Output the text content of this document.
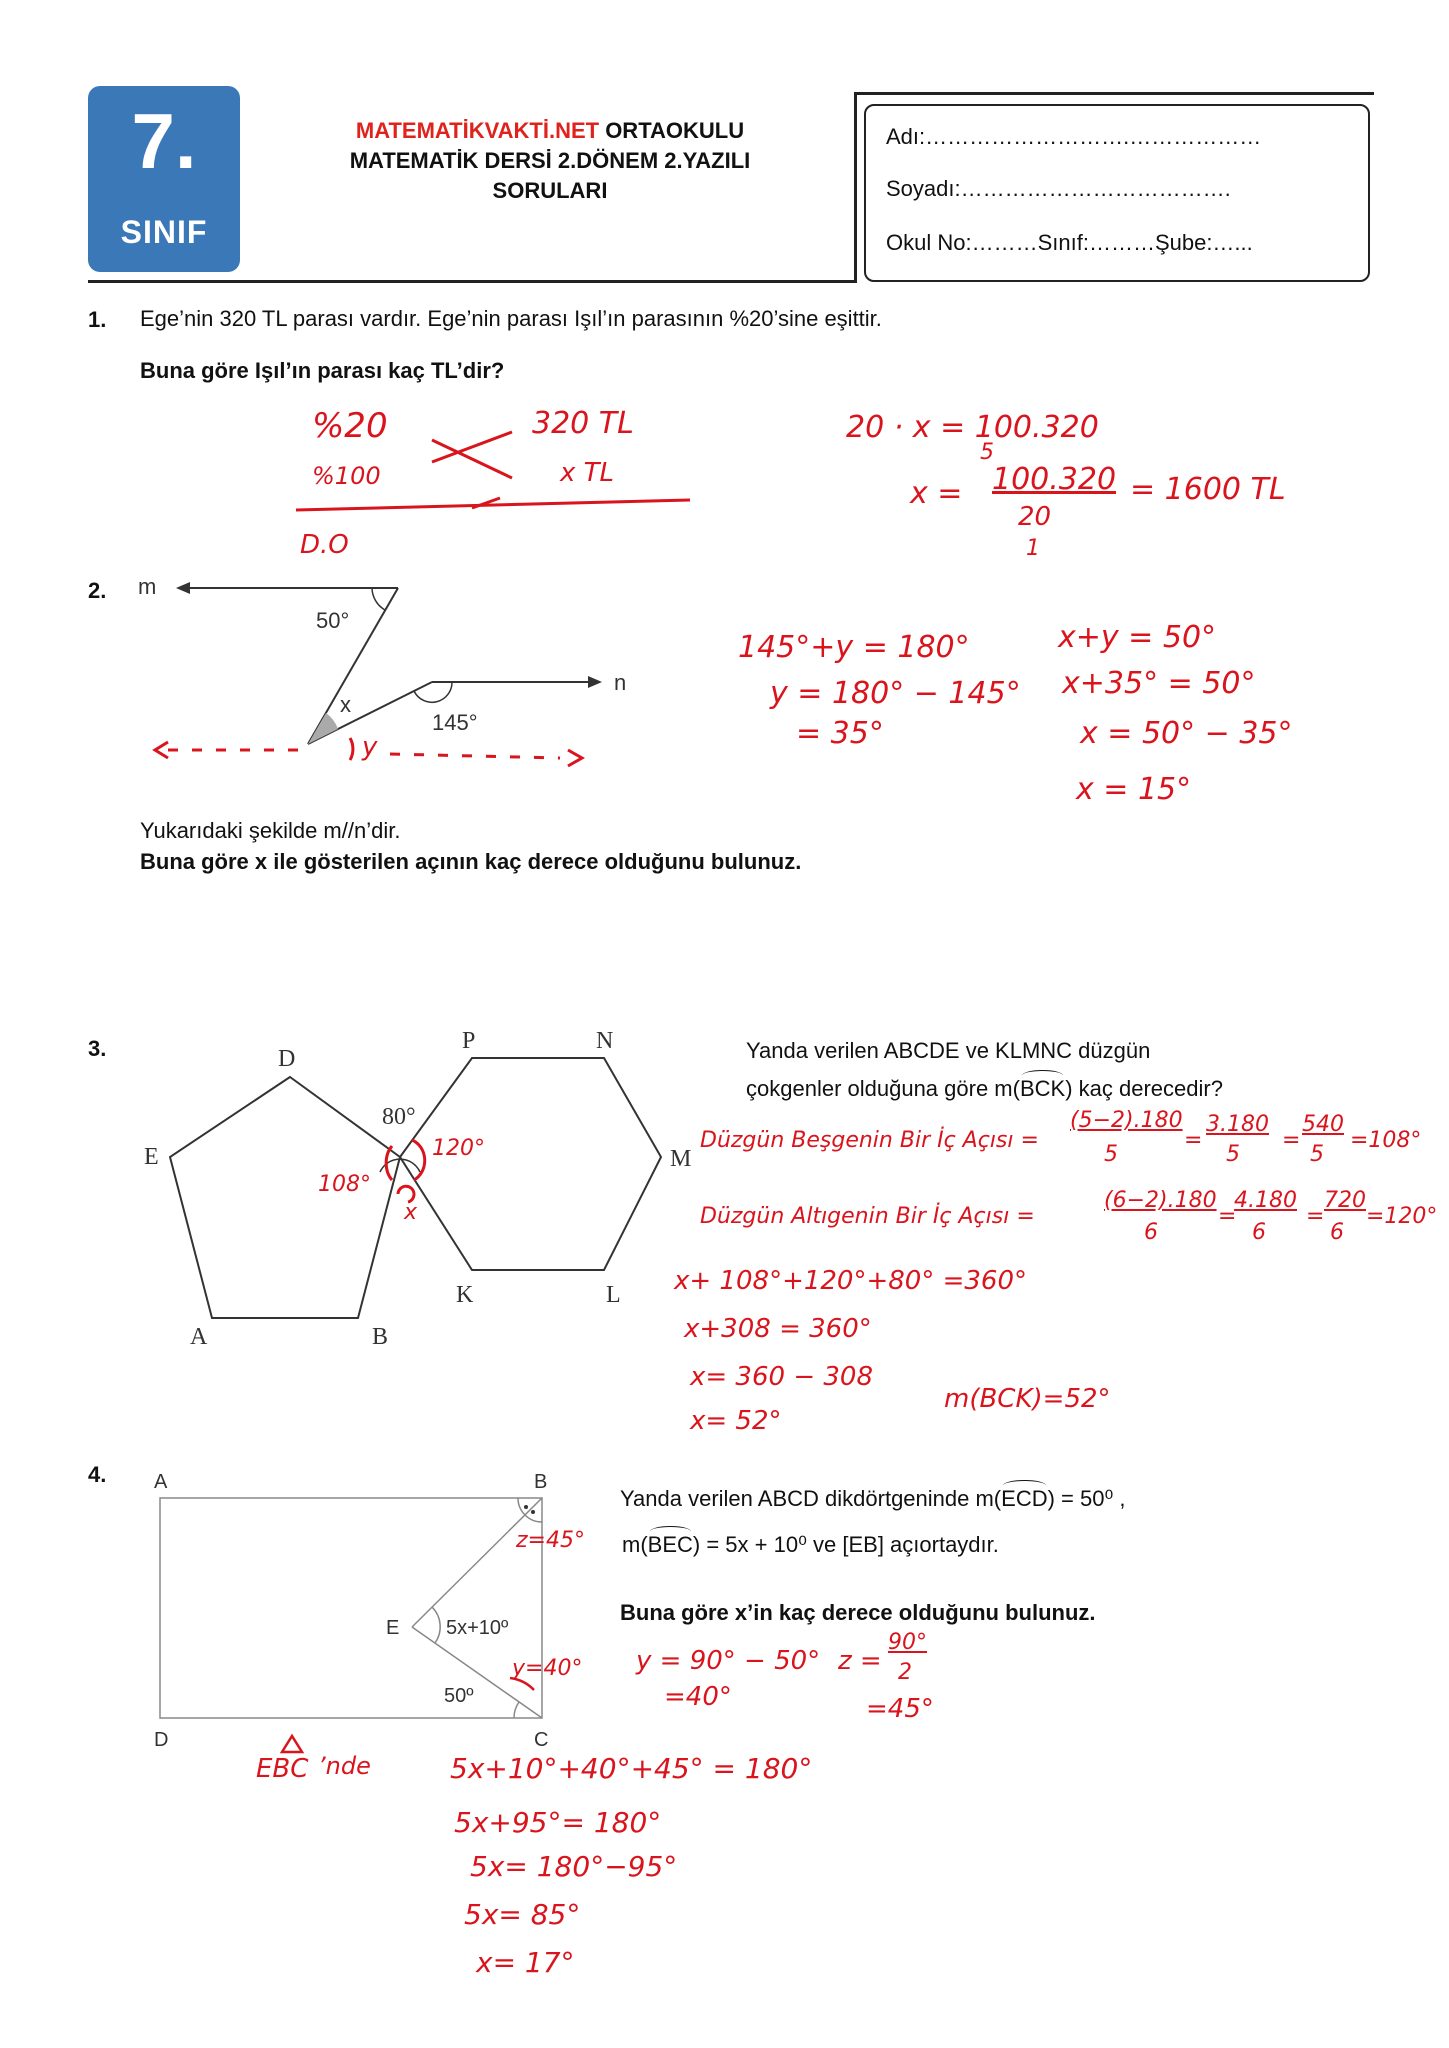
7.
SINIF
MATEMATİKVAKTİ.NET ORTAOKULU
MATEMATİK DERSİ 2.DÖNEM 2.YAZILI
SORULARI
Adı:……………………….………………
Soyadı:……………………………….
Okul No:………Sınıf:………Şube:…...
1. Ege’nin 320 TL parası vardır. Ege’nin parası Işıl’ın parasının %20’sine eşittir.
Buna göre Işıl’ın parası kaç TL’dir?
%20	320 TL
%100	x TL
D.O
20 · x = 100.320
5
x = 100.320
20
1
= 1600 TL
2. m
n
50°
x
145°
y
145°+y = 180°
y = 180° − 145°
= 35°
x+y = 50°
x+35° = 50°
x = 50° − 35°
x = 15°
Yukarıdaki şekilde m//n’dir.
Buna göre x ile gösterilen açının kaç derece olduğunu bulunuz.
3.	D
E
A	B
P	N
M
K	L
80°
108°
120°
x
Yanda verilen ABCDE ve KLMNC düzgün
çokgenler olduğuna göre m(
BCK) kaç derecedir?
Düzgün Beşgenin Bir İç Açısı =
(5−2).180
5
=
3.180
5
=
540
5
=108°
Düzgün Altıgenin Bir İç Açısı =
(6−2).180
6
=
4.180
6
=
720
6
=120°
x+ 108°+120°+80° =360°
x+308 = 360°
x= 360 − 308
x= 52°
m(BCK)=52°
4. A	B
C
D
E 5x+10º
50º
z=45°
y=40°
Yanda verilen ABCD dikdörtgeninde m(
ECD) = 50⁰ ,
m(
BEC) = 5x + 10⁰ ve [EB] açıortaydır.
Buna göre x’in kaç derece olduğunu bulunuz.
y = 90° − 50°
=40°
z =
90°
2
=45°
EBC ’nde	5x+10°+40°+45° = 180°
5x+95°= 180°
5x= 180°−95°
5x= 85°
x= 17°
